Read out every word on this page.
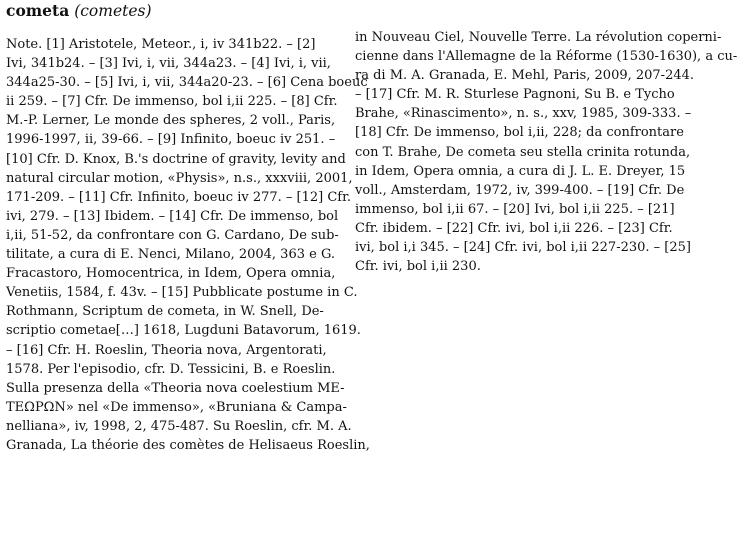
cometa (cometes)
Note. [1] Aristotele, Meteor., i, iv 341b22. – [2]
Ivi, 341b24. – [3] Ivi, i, vii, 344a23. – [4] Ivi, i, vii,
344a25-30. – [5] Ivi, i, vii, 344a20-23. – [6] Cena boeuc
ii 259. – [7] Cfr. De immenso, bol i,ii 225. – [8] Cfr.
M.-P. Lerner, Le monde des spheres, 2 voll., Paris,
1996-1997, ii, 39-66. – [9] Infinito, boeuc iv 251. –
[10] Cfr. D. Knox, B.'s doctrine of gravity, levity and
natural circular motion, «Physis», n.s., xxxviii, 2001,
171-209. – [11] Cfr. Infinito, boeuc iv 277. – [12] Cfr.
ivi, 279. – [13] Ibidem. – [14] Cfr. De immenso, bol
i,ii, 51-52, da confrontare con G. Cardano, De sub-
tilitate, a cura di E. Nenci, Milano, 2004, 363 e G.
Fracastoro, Homocentrica, in Idem, Opera omnia,
Venetiis, 1584, f. 43v. – [15] Pubblicate postume in C.
Rothmann, Scriptum de cometa, in W. Snell, De-
scriptio cometae[…] 1618, Lugduni Batavorum, 1619.
– [16] Cfr. H. Roeslin, Theoria nova, Argentorati,
1578. Per l'episodio, cfr. D. Tessicini, B. e Roeslin.
Sulla presenza della «Theoria nova coelestium ME-
TEΩΡΩN» nel «De immenso», «Bruniana & Campa-
nelliana», iv, 1998, 2, 475-487. Su Roeslin, cfr. M. A.
Granada, La théorie des comètes de Helisaeus Roeslin,
in Nouveau Ciel, Nouvelle Terre. La révolution coperni-
cienne dans l'Allemagne de la Réforme (1530-1630), a cu-
ra di M. A. Granada, E. Mehl, Paris, 2009, 207-244.
– [17] Cfr. M. R. Sturlese Pagnoni, Su B. e Tycho
Brahe, «Rinascimento», n. s., xxv, 1985, 309-333. –
[18] Cfr. De immenso, bol i,ii, 228; da confrontare
con T. Brahe, De cometa seu stella crinita rotunda,
in Idem, Opera omnia, a cura di J. L. E. Dreyer, 15
voll., Amsterdam, 1972, iv, 399-400. – [19] Cfr. De
immenso, bol i,ii 67. – [20] Ivi, bol i,ii 225. – [21]
Cfr. ibidem. – [22] Cfr. ivi, bol i,ii 226. – [23] Cfr.
ivi, bol i,i 345. – [24] Cfr. ivi, bol i,ii 227-230. – [25]
Cfr. ivi, bol i,ii 230.
